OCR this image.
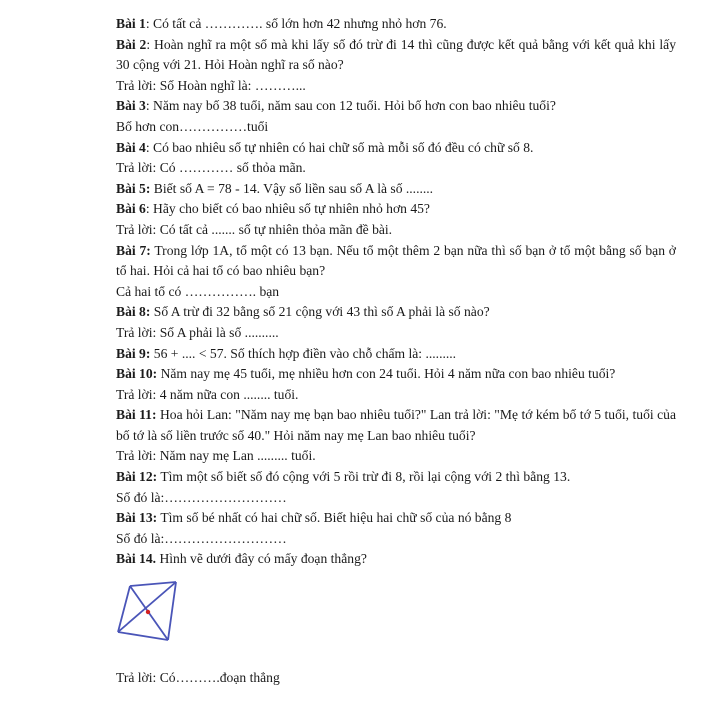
Bài 1: Có tất cả …………. số lớn hơn 42 nhưng nhỏ hơn 76.
Bài 2: Hoàn nghĩ ra một số mà khi lấy số đó trừ đi 14 thì cũng được kết quả bằng với kết quả khi lấy 30 cộng với 21. Hỏi Hoàn nghĩ ra số nào?
Trả lời: Số Hoàn nghĩ là: ………...
Bài 3: Năm nay bố 38 tuổi, năm sau con 12 tuổi. Hỏi bố hơn con bao nhiêu tuổi?
Bố hơn con……………tuổi
Bài 4: Có bao nhiêu số tự nhiên có hai chữ số mà mỗi số đó đều có chữ số 8.
Trả lời: Có ………… số thỏa mãn.
Bài 5: Biết số A = 78 - 14. Vậy số liền sau số A là số ........
Bài 6: Hãy cho biết có bao nhiêu số tự nhiên nhỏ hơn 45?
Trả lời: Có tất cả ....... số tự nhiên thỏa mãn đề bài.
Bài 7: Trong lớp 1A, tổ một có 13 bạn. Nếu tổ một thêm 2 bạn nữa thì số bạn ở tổ một bằng số bạn ở tổ hai. Hỏi cả hai tổ có bao nhiêu bạn?
Cả hai tổ có ……………. bạn
Bài 8: Số A trừ đi 32 bằng số 21 cộng với 43 thì số A phải là số nào?
Trả lời: Số A phải là số ..........
Bài 9: 56 + .... < 57. Số thích hợp điền vào chỗ chấm là: .........
Bài 10: Năm nay mẹ 45 tuổi, mẹ nhiều hơn con 24 tuổi. Hỏi 4 năm nữa con bao nhiêu tuổi?
Trả lời: 4 năm nữa con ........ tuổi.
Bài 11: Hoa hỏi Lan: "Năm nay mẹ bạn bao nhiêu tuổi?" Lan trả lời: "Mẹ tớ kém bố tớ 5 tuổi, tuổi của bố tớ là số liền trước số 40." Hỏi năm nay mẹ Lan bao nhiêu tuổi?
Trả lời: Năm nay mẹ Lan ......... tuổi.
Bài 12: Tìm một số biết số đó cộng với 5 rồi trừ đi 8, rồi lại cộng với 2 thì bằng 13.
Số đó là:………………………
Bài 13: Tìm số bé nhất có hai chữ số. Biết hiệu hai chữ số của nó bằng 8
Số đó là:………………………
Bài 14. Hình vẽ dưới đây có mấy đoạn thẳng?
Trả lời: Có……….đoạn thẳng
